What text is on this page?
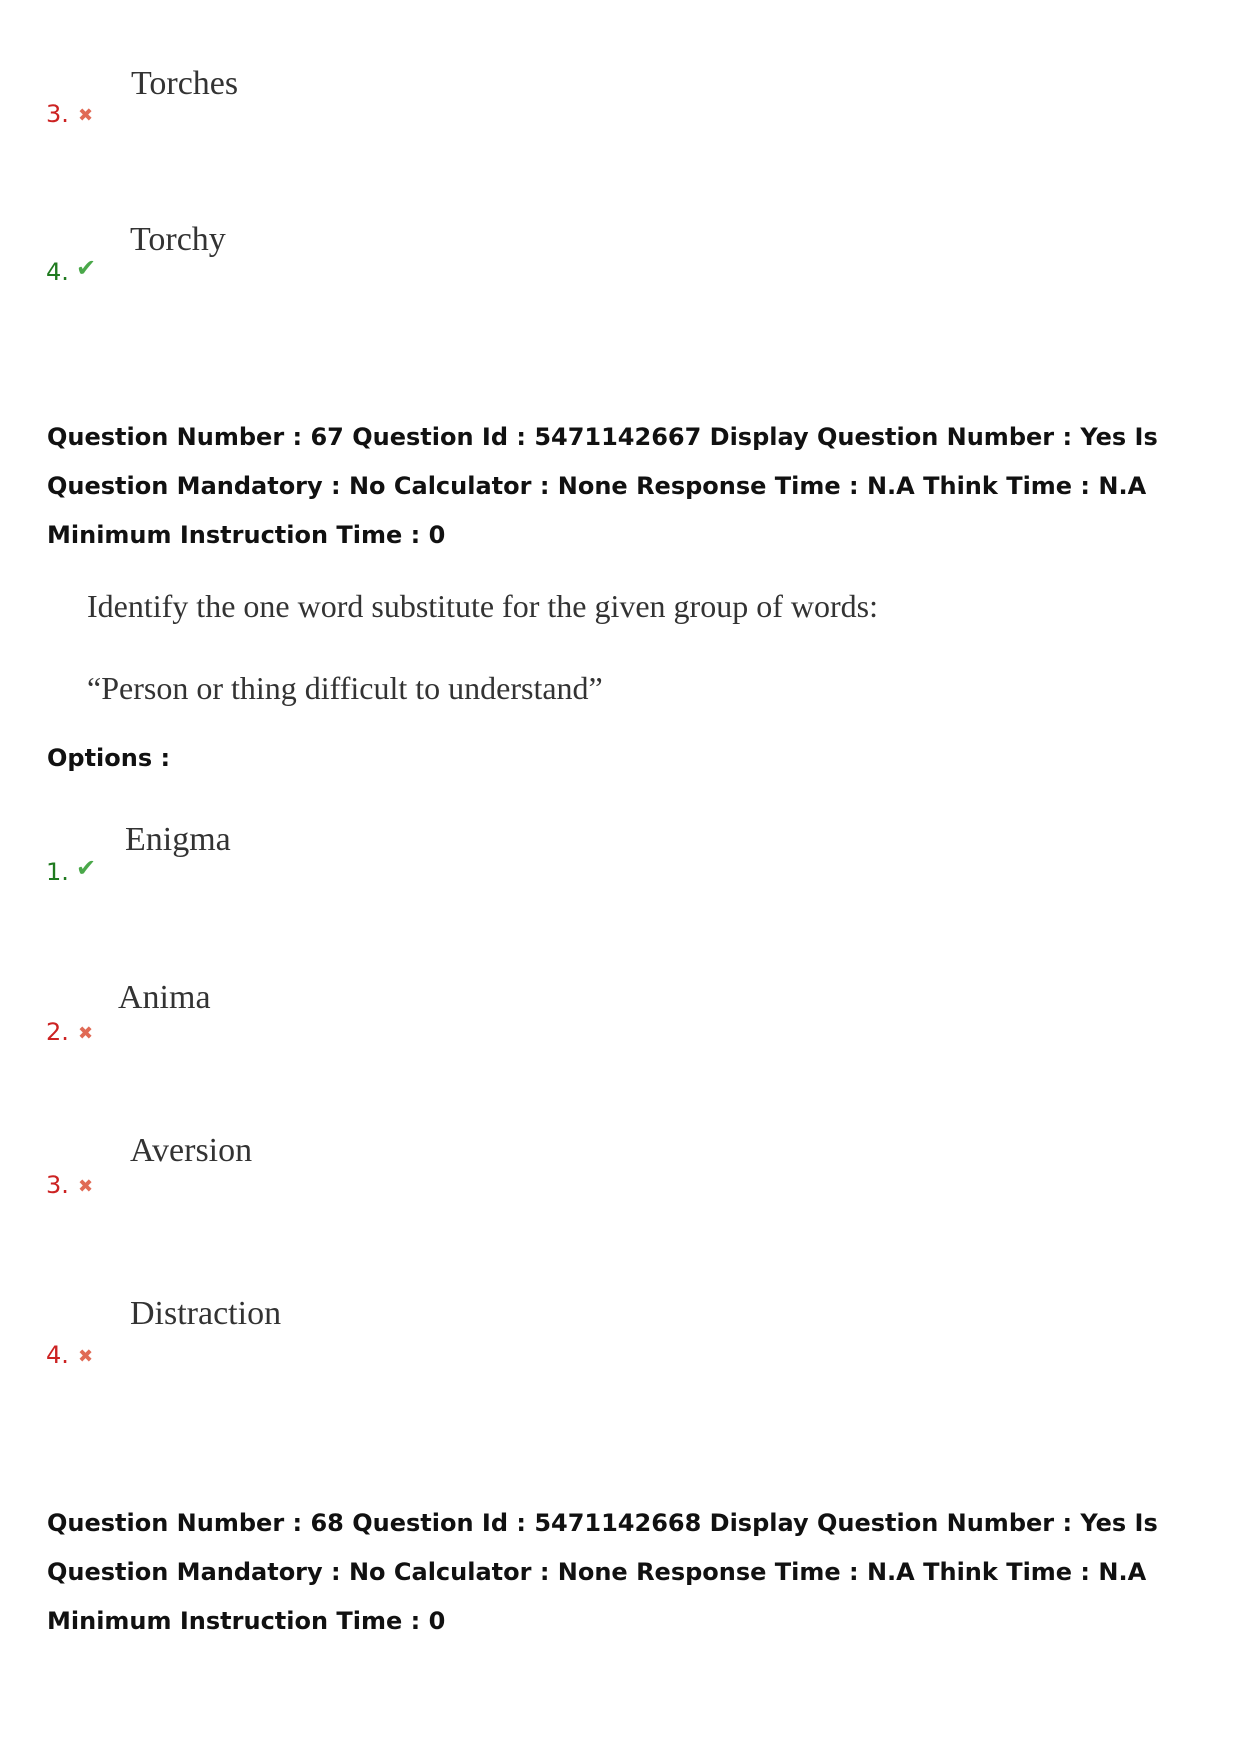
Torches
3. ✖
Torchy
4. ✔
Question Number : 67 Question Id : 5471142667 Display Question Number : Yes Is Question Mandatory : No Calculator : None Response Time : N.A Think Time : N.A Minimum Instruction Time : 0
Identify the one word substitute for the given group of words:
“Person or thing difficult to understand”
Options :
Enigma
1. ✔
Anima
2. ✖
Aversion
3. ✖
Distraction
4. ✖
Question Number : 68 Question Id : 5471142668 Display Question Number : Yes Is Question Mandatory : No Calculator : None Response Time : N.A Think Time : N.A Minimum Instruction Time : 0
